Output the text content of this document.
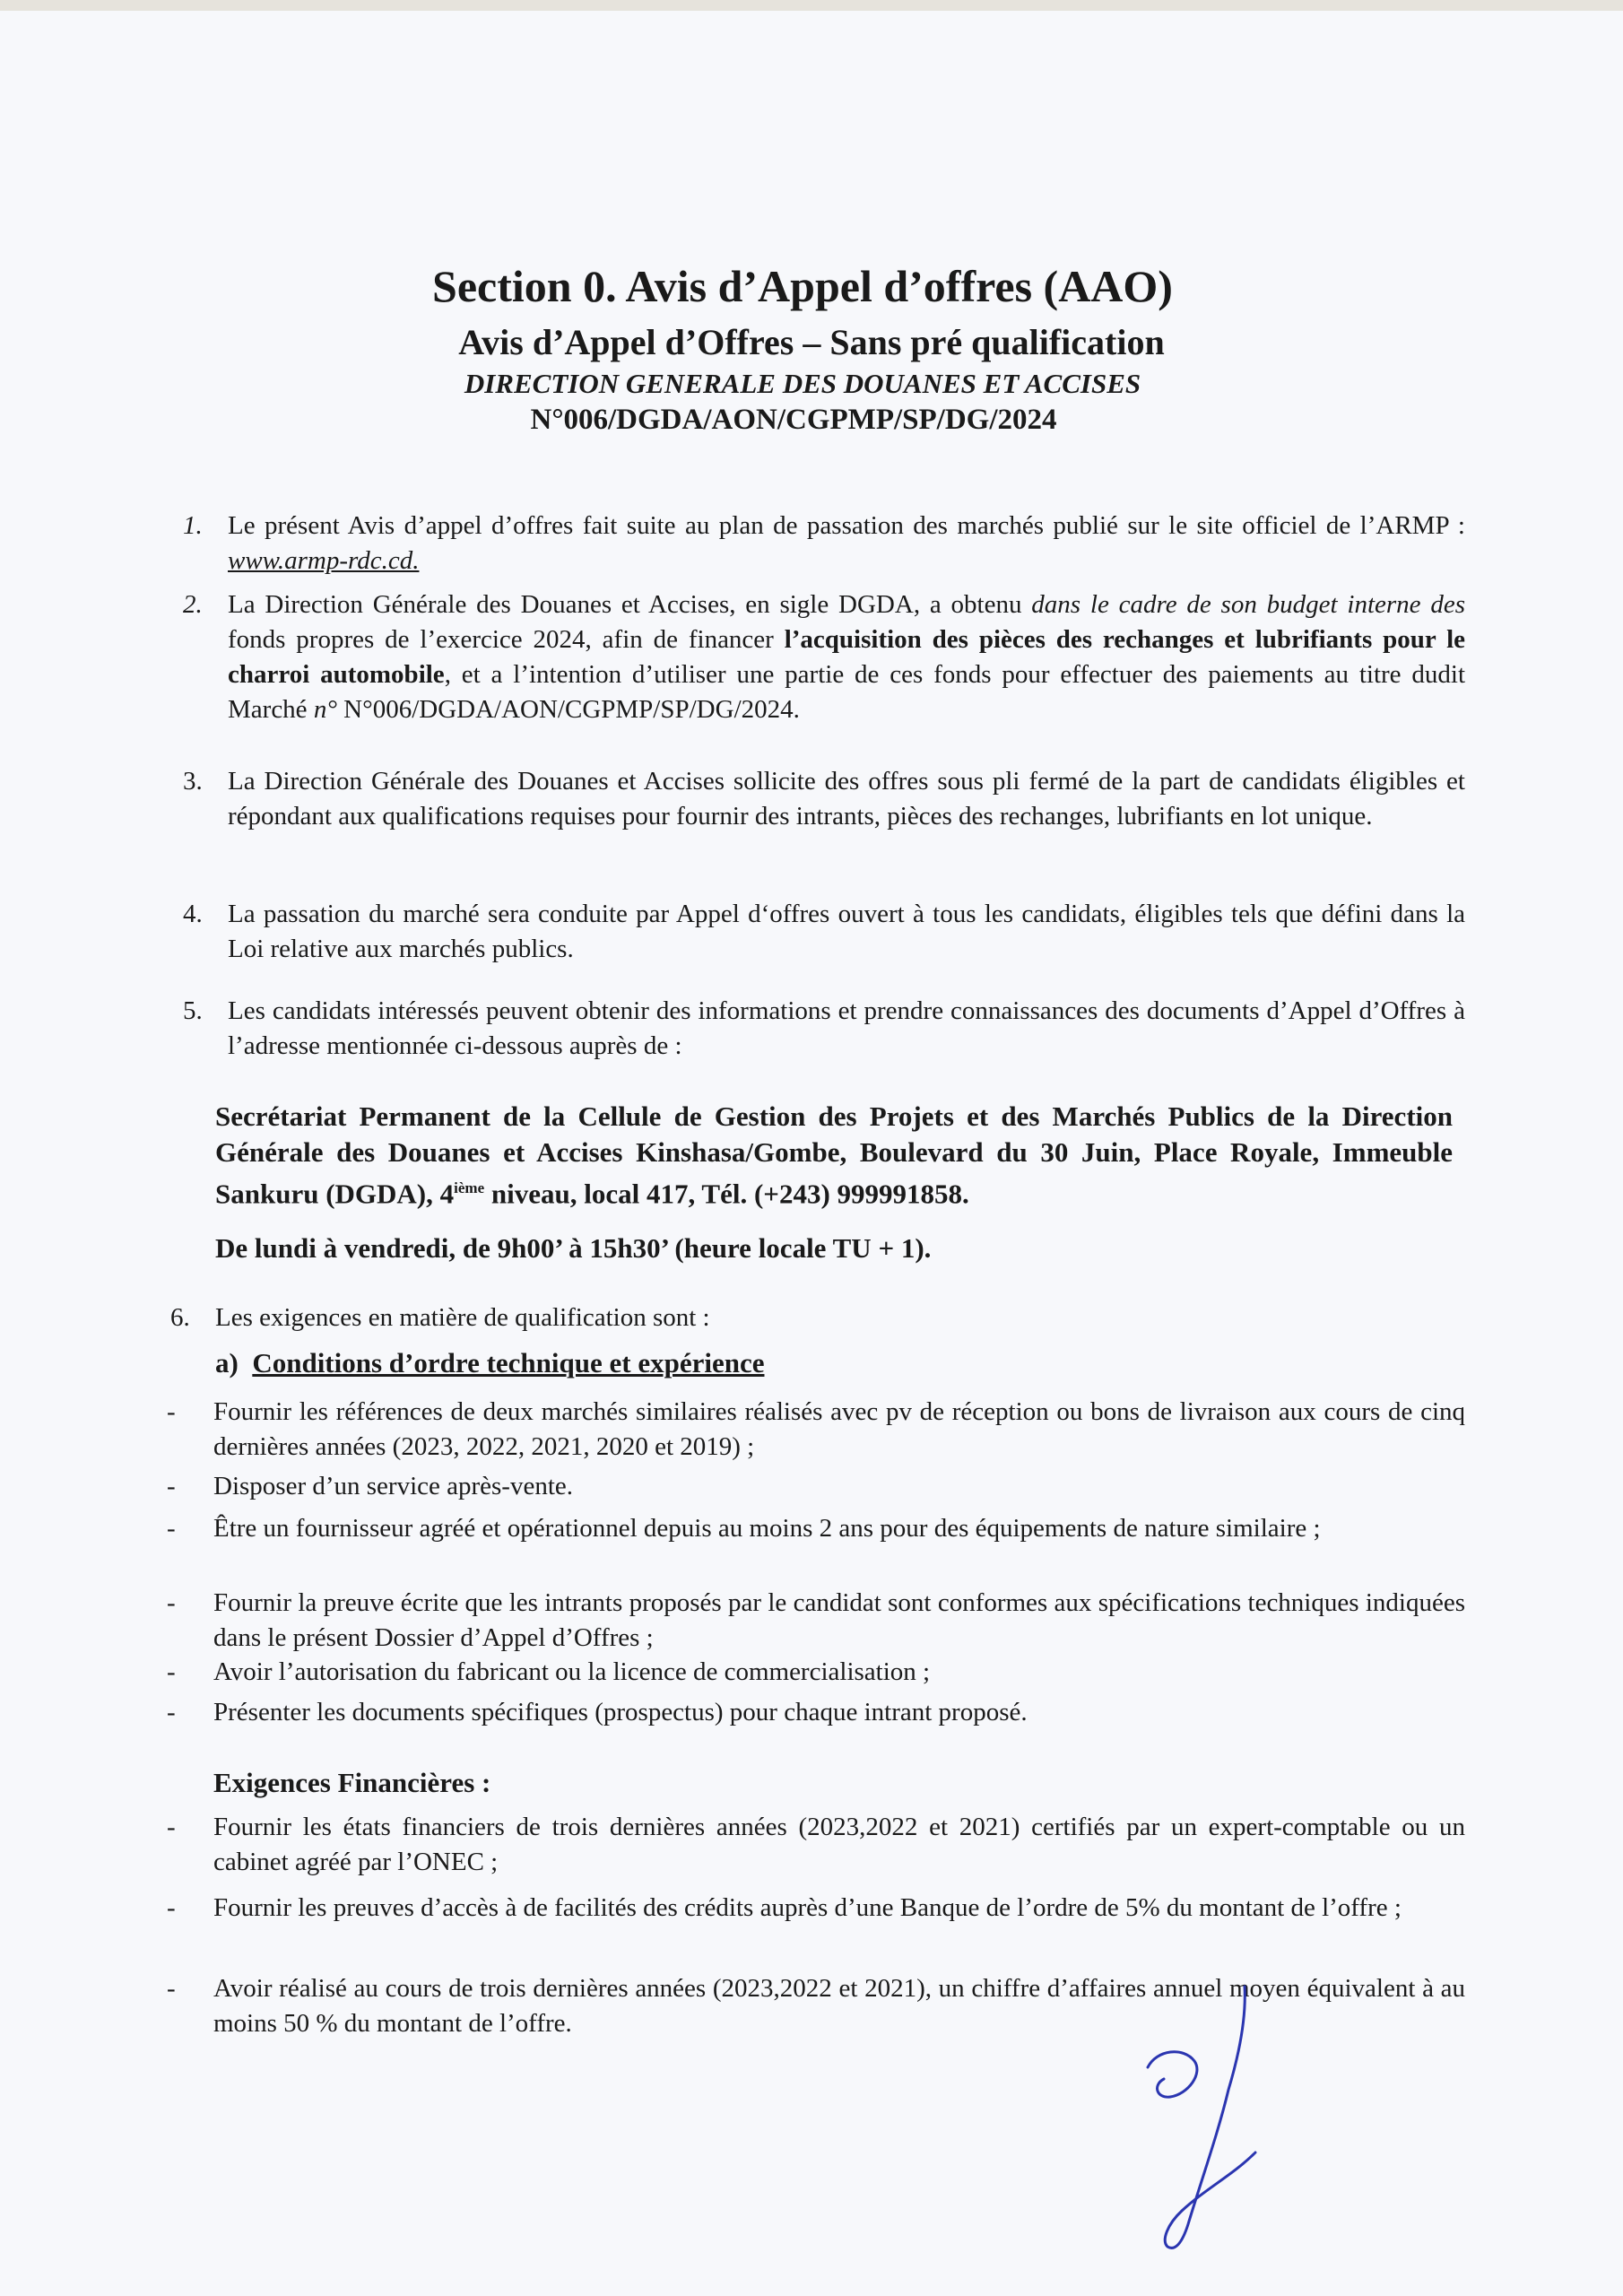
Section 0. Avis d’Appel d’offres (AAO)
Avis d’Appel d’Offres – Sans pré qualification
DIRECTION GENERALE DES DOUANES ET ACCISES
N°006/DGDA/AON/CGPMP/SP/DG/2024
1. Le présent Avis d’appel d’offres fait suite au plan de passation des marchés publié sur le site officiel de l’ARMP : www.armp-rdc.cd.
2. La Direction Générale des Douanes et Accises, en sigle DGDA, a obtenu dans le cadre de son budget interne des fonds propres de l’exercice 2024, afin de financer l’acquisition des pièces des rechanges et lubrifiants pour le charroi automobile, et a l’intention d’utiliser une partie de ces fonds pour effectuer des paiements au titre dudit Marché n° N°006/DGDA/AON/CGPMP/SP/DG/2024.
3. La Direction Générale des Douanes et Accises sollicite des offres sous pli fermé de la part de candidats éligibles et répondant aux qualifications requises pour fournir des intrants, pièces des rechanges, lubrifiants en lot unique.
4. La passation du marché sera conduite par Appel d‘offres ouvert à tous les candidats, éligibles tels que défini dans la Loi relative aux marchés publics.
5. Les candidats intéressés peuvent obtenir des informations et prendre connaissances des documents d’Appel d’Offres à l’adresse mentionnée ci-dessous auprès de :
Secrétariat Permanent de la Cellule de Gestion des Projets et des Marchés Publics de la Direction Générale des Douanes et Accises Kinshasa/Gombe, Boulevard du 30 Juin, Place Royale, Immeuble Sankuru (DGDA), 4ième niveau, local 417, Tél. (+243) 999991858.
De lundi à vendredi, de 9h00’ à 15h30’ (heure locale TU + 1).
6. Les exigences en matière de qualification sont :
a) Conditions d’ordre technique et expérience
- Fournir les références de deux marchés similaires réalisés avec pv de réception ou bons de livraison aux cours de cinq dernières années (2023, 2022, 2021, 2020 et 2019) ;
- Disposer d’un service après-vente.
- Être un fournisseur agréé et opérationnel depuis au moins 2 ans pour des équipements de nature similaire ;
- Fournir la preuve écrite que les intrants proposés par le candidat sont conformes aux spécifications techniques indiquées dans le présent Dossier d’Appel d’Offres ;
- Avoir l’autorisation du fabricant ou la licence de commercialisation ;
- Présenter les documents spécifiques (prospectus) pour chaque intrant proposé.
Exigences Financières :
- Fournir les états financiers de trois dernières années (2023,2022 et 2021) certifiés par un expert-comptable ou un cabinet agréé par l’ONEC ;
- Fournir les preuves d’accès à de facilités des crédits auprès d’une Banque de l’ordre de 5% du montant de l’offre ;
- Avoir réalisé au cours de trois dernières années (2023,2022 et 2021), un chiffre d’affaires annuel moyen équivalent à au moins 50 % du montant de l’offre.
